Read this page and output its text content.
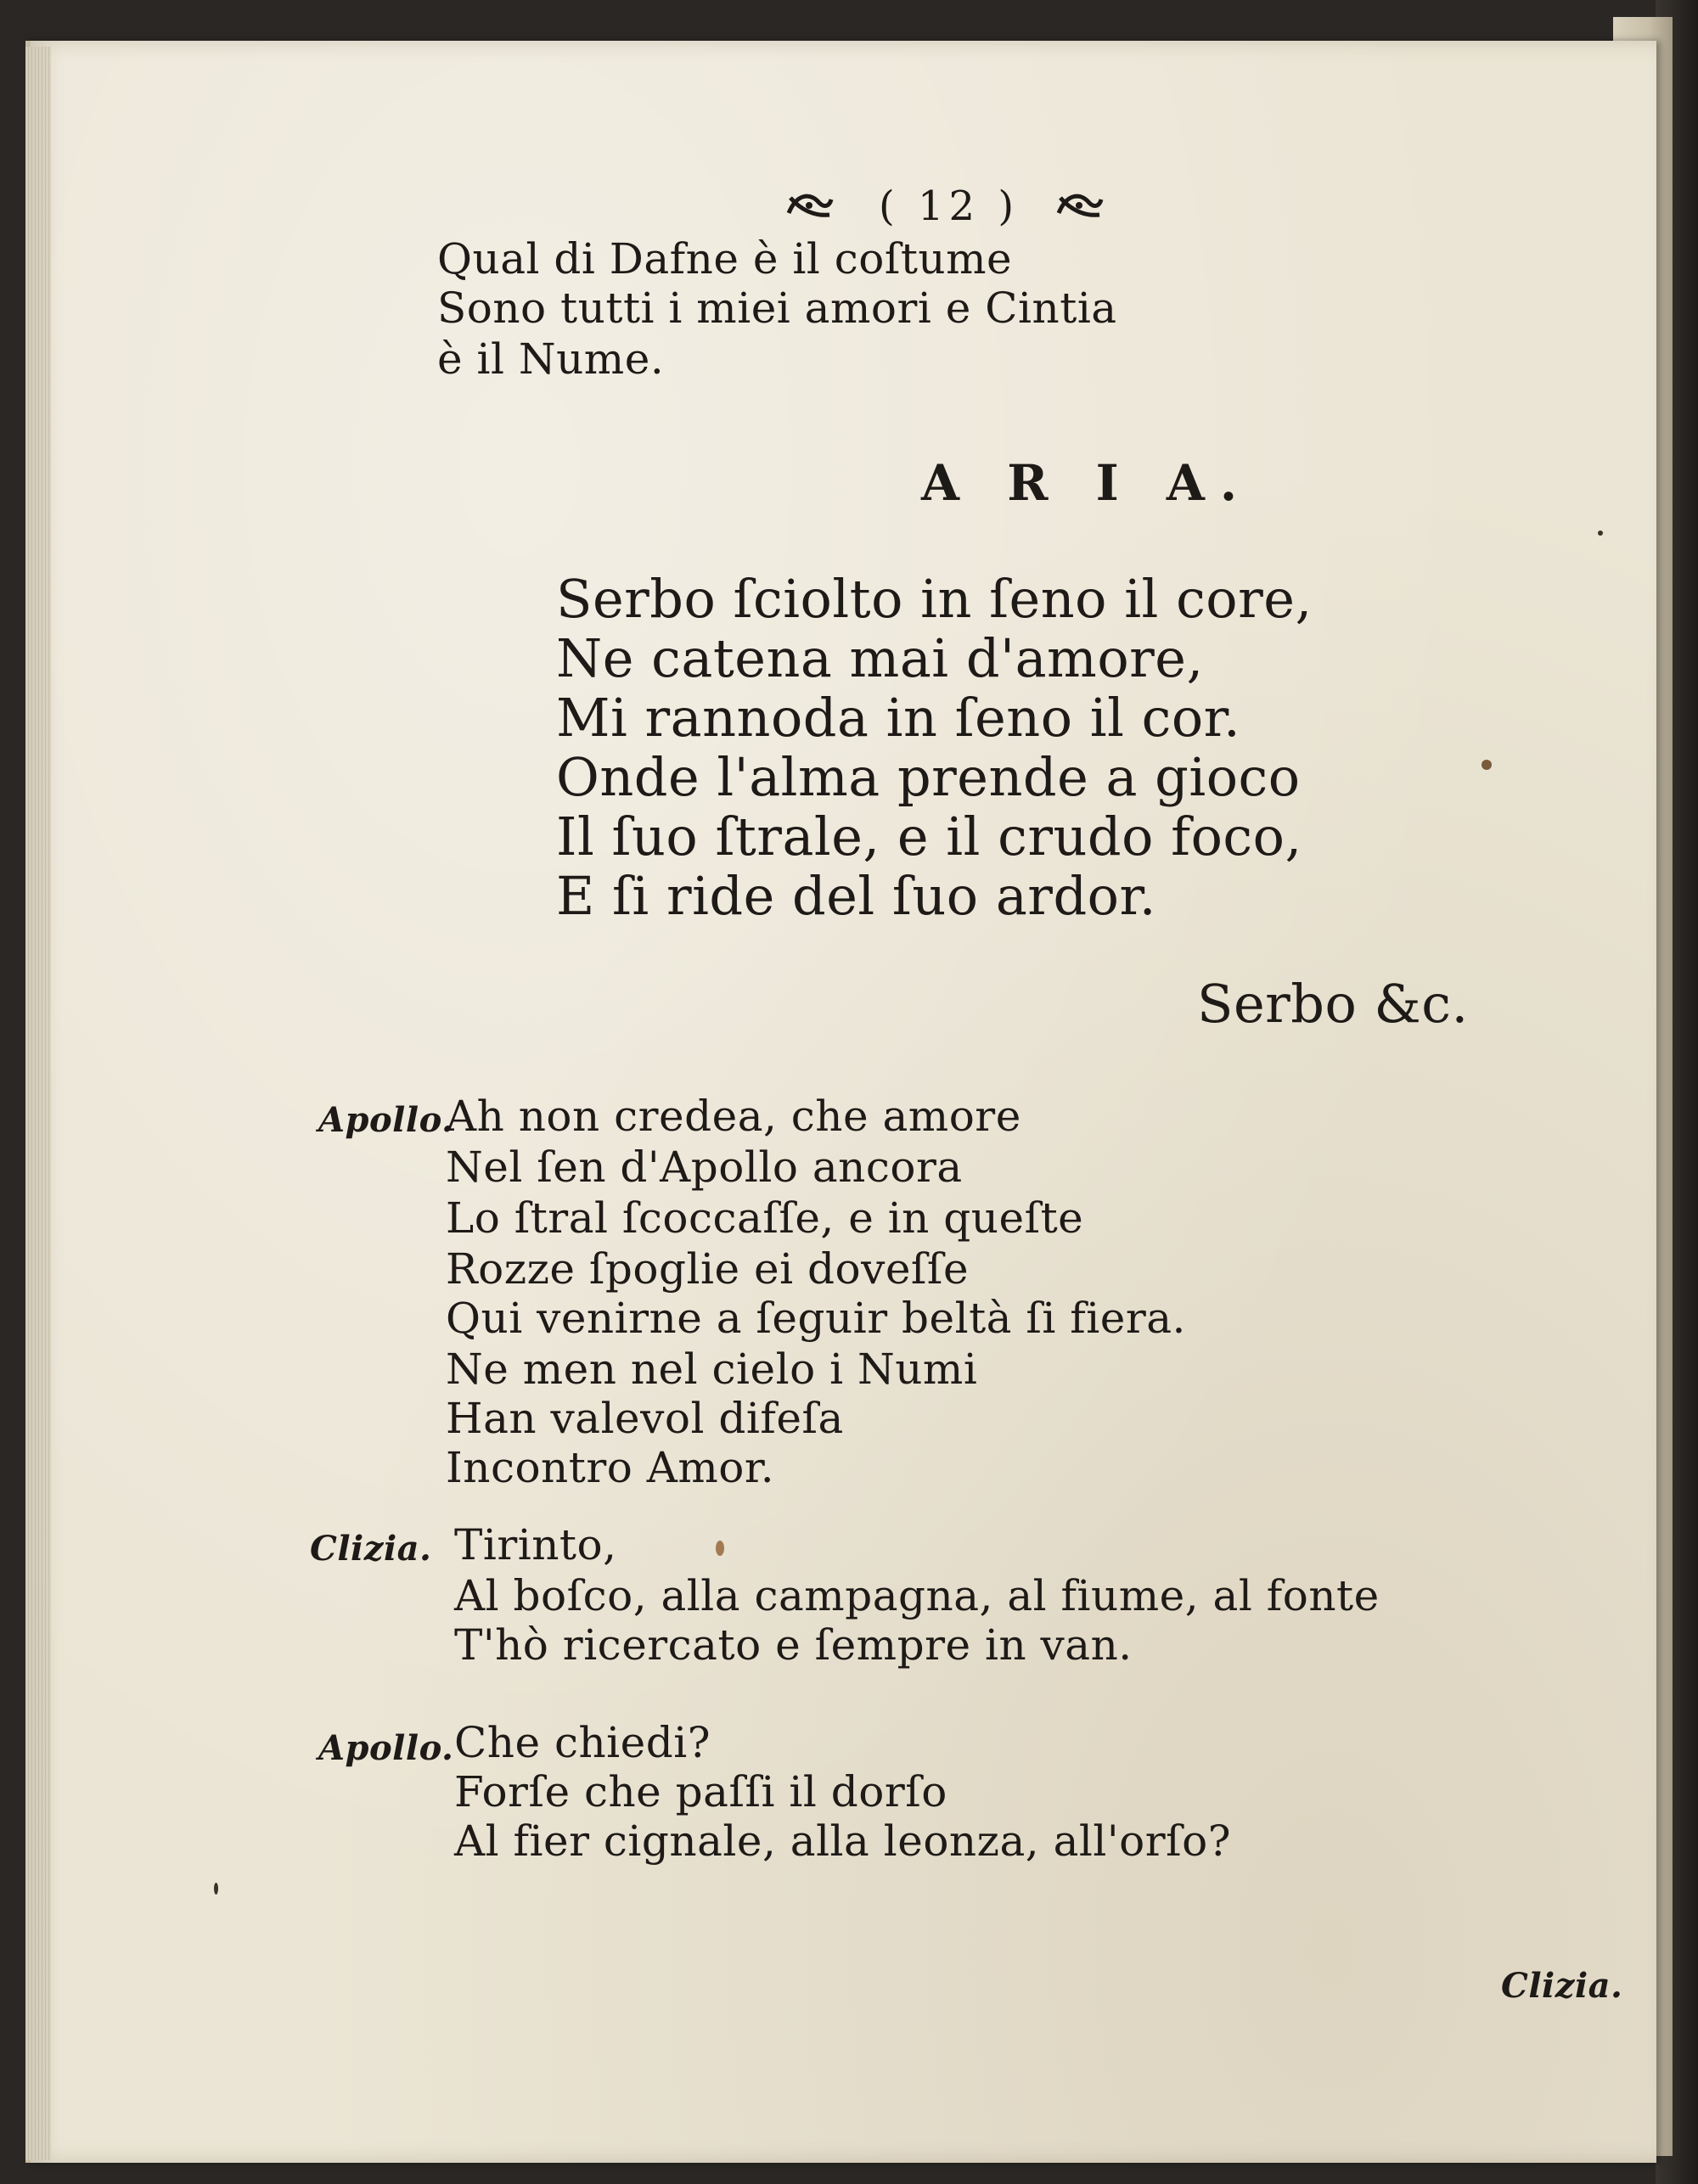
( 12 )
Qual di Dafne è il coſtume
Sono tutti i miei amori e Cintia
è il Nume.
A R I A.
Serbo ſciolto in ſeno il core,
Ne catena mai d'amore,
Mi rannoda in ſeno il cor.
Onde l'alma prende a gioco
Il ſuo ſtrale, e il crudo foco,
E ſi ride del ſuo ardor.
Serbo &c.
Apollo.
Ah non credea, che amore
Nel ſen d'Apollo ancora
Lo ſtral ſcoccaſſe, e in queſte
Rozze ſpoglie ei doveſſe
Qui venirne a ſeguir beltà ſi fiera.
Ne men nel cielo i Numi
Han valevol difeſa
Incontro Amor.
Clizia. Tirinto,
Al boſco, alla campagna, al fiume, al fonte
T'hò ricercato e ſempre in van.
Apollo. Che chiedi?
Forſe che paſſi il dorſo
Al fier cignale, alla leonza, all'orſo?
Clizia.
